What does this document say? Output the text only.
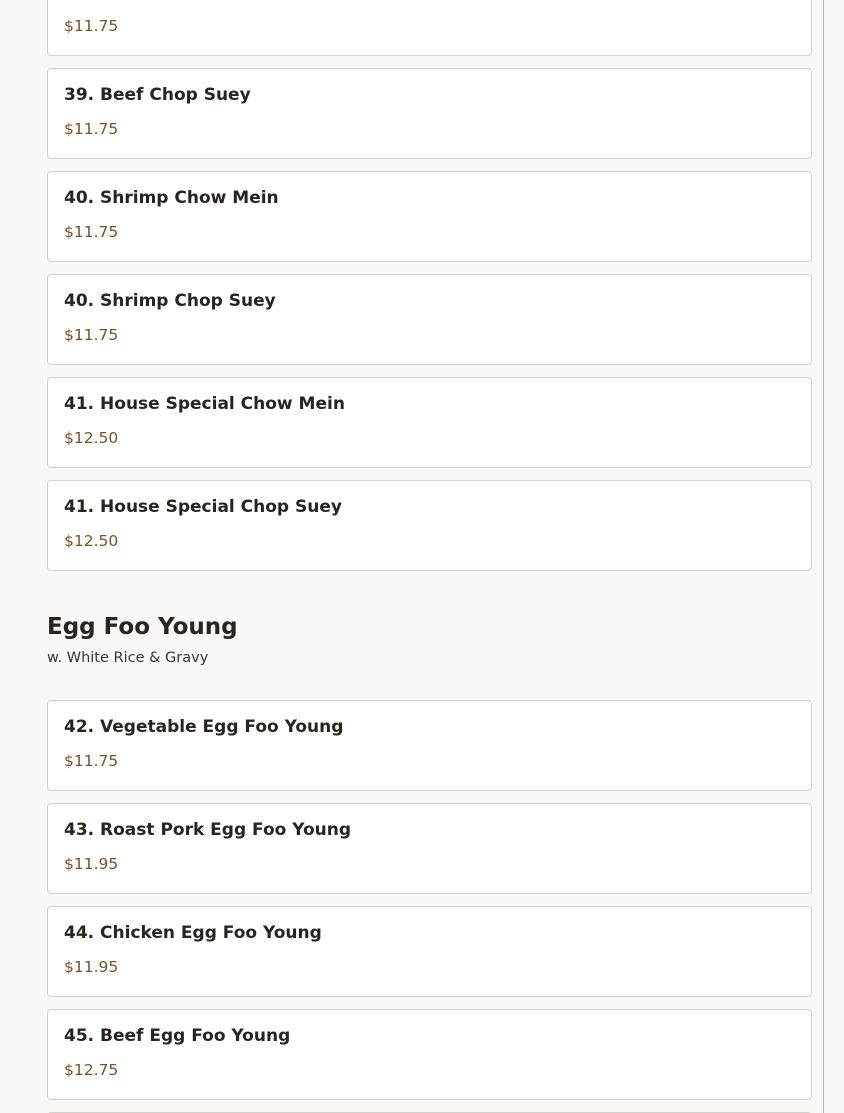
$11.75
39. Beef Chop Suey
$11.75
40. Shrimp Chow Mein
$11.75
40. Shrimp Chop Suey
$11.75
41. House Special Chow Mein
$12.50
41. House Special Chop Suey
$12.50
Egg Foo Young
w. White Rice & Gravy
42. Vegetable Egg Foo Young
$11.75
43. Roast Pork Egg Foo Young
$11.95
44. Chicken Egg Foo Young
$11.95
45. Beef Egg Foo Young
$12.75
